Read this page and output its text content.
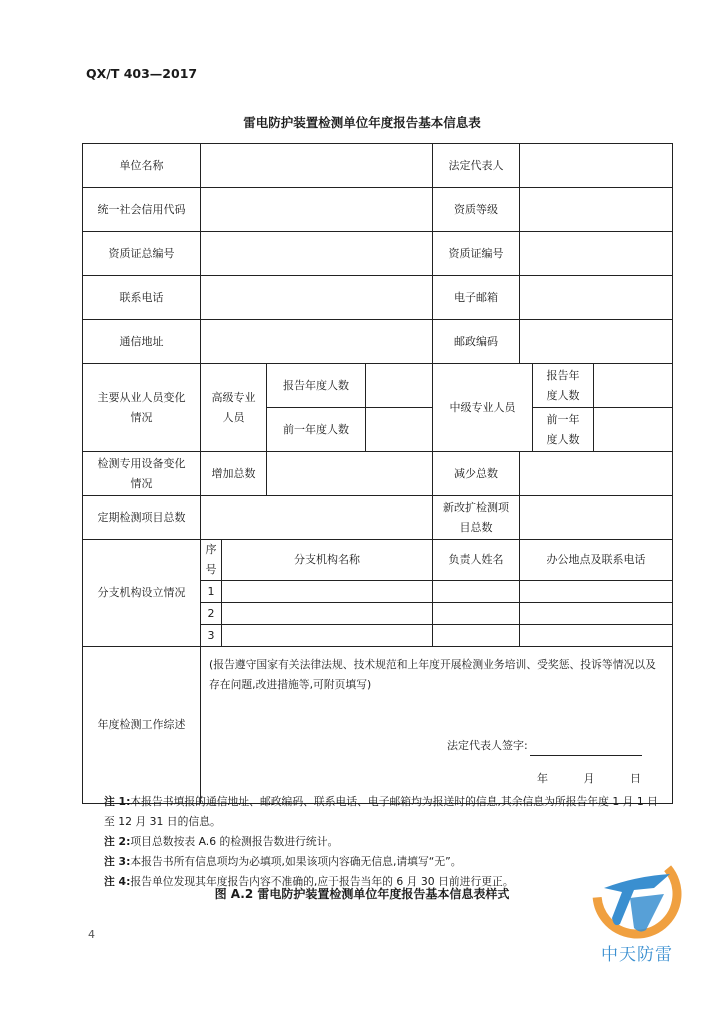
QX/T 403—2017
雷电防护装置检测单位年度报告基本信息表
单位名称					法定代表人			
统一社会信用代码					资质等级			
资质证总编号					资质证编号			
联系电话					电子邮箱			
通信地址					邮政编码			
主要从业人员变化情况	高级专业人员		报告年度人数		中级专业人员		报告年度人数	
			前一年度人数				前一年度人数	
检测专用设备变化情况	增加总数				减少总数			
定期检测项目总数					新改扩检测项目总数			
分支机构设立情况	序号	分支机构名称			负责人姓名	办公地点及联系电话		
	1							
	2							
	3							
年度检测工作综述	(报告遵守国家有关法律法规、技术规范和上年度开展检测业务培训、受奖惩、投诉等情况以及存在问题,改进措施等,可附页填写)
法定代表人签字:
年 月 日							
注 1:本报告书填报的通信地址、邮政编码、联系电话、电子邮箱均为报送时的信息,其余信息为所报告年度 1 月 1 日至 12 月 31 日的信息。
注 2:项目总数按表 A.6 的检测报告数进行统计。
注 3:本报告书所有信息项均为必填项,如果该项内容确无信息,请填写“无”。
注 4:报告单位发现其年度报告内容不准确的,应于报告当年的 6 月 30 日前进行更正。
图 A.2 雷电防护装置检测单位年度报告基本信息表样式
4
中天防雷
